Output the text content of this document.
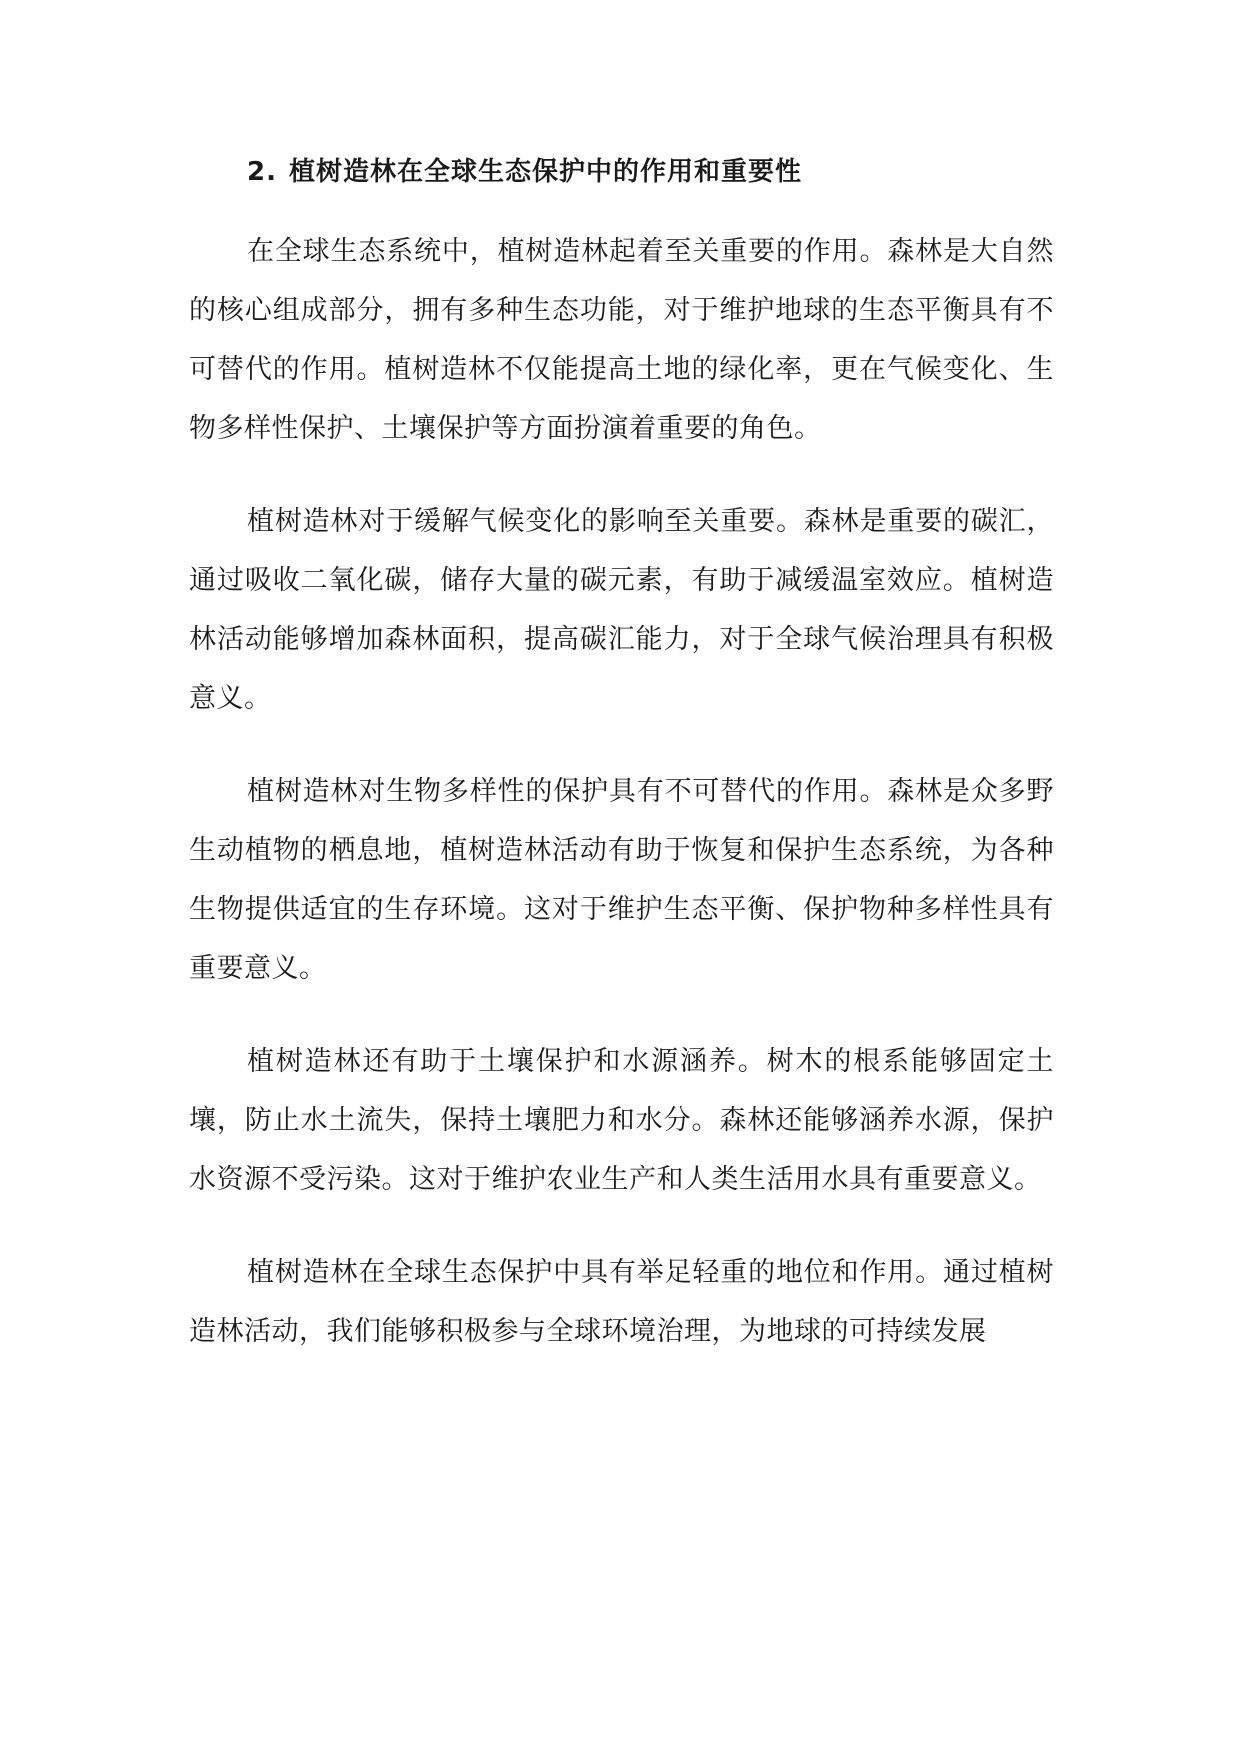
2. 植树造林在全球生态保护中的作用和重要性

在全球生态系统中，植树造林起着至关重要的作用。森林是大自然的核心组成部分，拥有多种生态功能，对于维护地球的生态平衡具有不可替代的作用。植树造林不仅能提高土地的绿化率，更在气候变化、生物多样性保护、土壤保护等方面扮演着重要的角色。

植树造林对于缓解气候变化的影响至关重要。森林是重要的碳汇，通过吸收二氧化碳，储存大量的碳元素，有助于减缓温室效应。植树造林活动能够增加森林面积，提高碳汇能力，对于全球气候治理具有积极意义。

植树造林对生物多样性的保护具有不可替代的作用。森林是众多野生动植物的栖息地，植树造林活动有助于恢复和保护生态系统，为各种生物提供适宜的生存环境。这对于维护生态平衡、保护物种多样性具有重要意义。

植树造林还有助于土壤保护和水源涵养。树木的根系能够固定土壤，防止水土流失，保持土壤肥力和水分。森林还能够涵养水源，保护水资源不受污染。这对于维护农业生产和人类生活用水具有重要意义。

植树造林在全球生态保护中具有举足轻重的地位和作用。通过植树造林活动，我们能够积极参与全球环境治理，为地球的可持续发展
